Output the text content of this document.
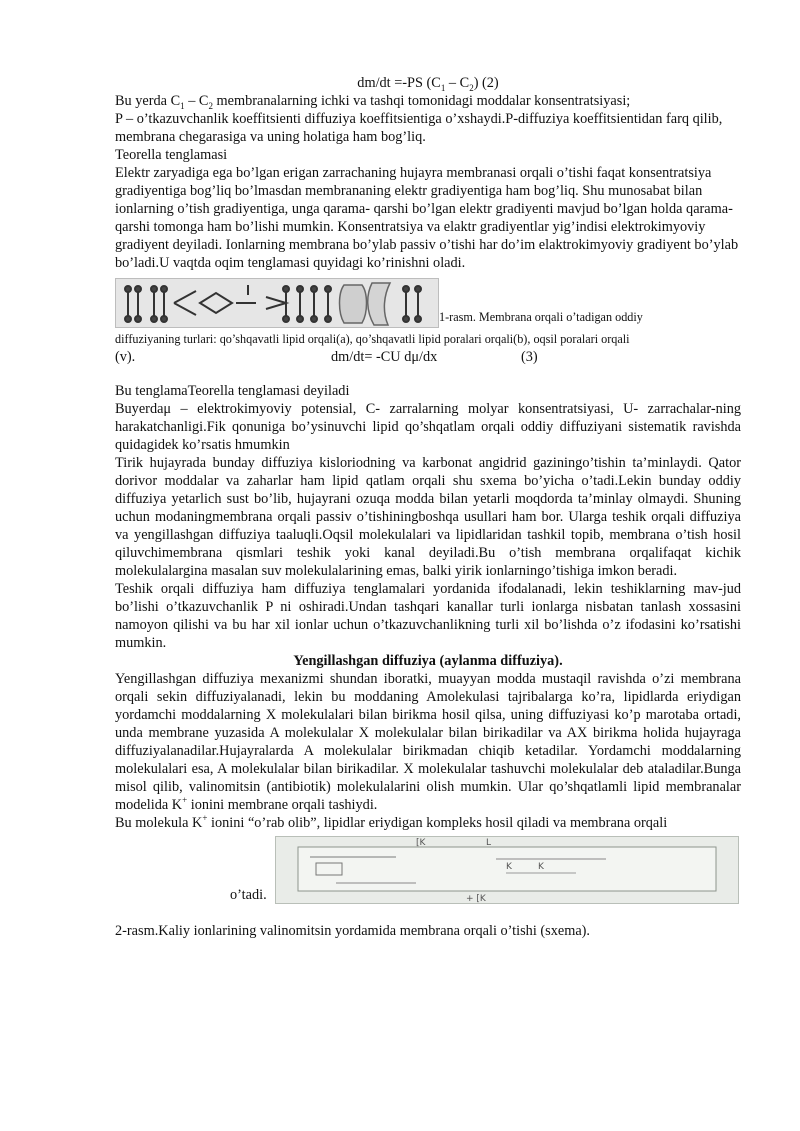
dm/dt =-PS $(C_1 - C_2)$ (2)

Bu yerda $C_1 - C_2$ membranalarning ichki va tashqi tomonidagi moddalar konsentratsiyasi;

P – o’tkazuvchanlik koeffitsienti diffuziya koeffitsientiga o’xshaydi.P-diffuziya koeffitsientidan farq qilib, membrana chegarasiga va uning holatiga ham bog’liq.

Teorella tenglamasi

Elektr zaryadiga ega bo’lgan erigan zarrachaning hujayra membranasi orqali o’tishi faqat konsentratsiya gradiyentiga bog’liq bo’lmasdan membrananing elektr gradiyentiga ham bog’liq. Shu munosabat bilan ionlarning o’tish gradiyentiga, unga qarama- qarshi bo’lgan elektr gradiyenti mavjud bo’lgan holda qarama-qarshi tomonga ham bo’lishi mumkin. Konsentratsiya va elaktr gradiyentlar yig’indisi elektrokimyoviy gradiyent deyiladi. Ionlarning membrana bo’ylab passiv o’tishi har do’im elaktrokimyoviy gradiyent bo’ylab bo’ladi.U vaqtda oqim tenglamasi quyidagi ko’rinishni oladi.

1-rasm. Membrana orqali o’tadigan oddiy

diffuziyaning turlari: qo’shqavatli lipid orqali(a), qo’shqavatli lipid poralari orqali(b), oqsil poralari orqali

(v).	dm/dt= -CU dμ/dx	(3)

Bu tenglamaTeorella tenglamasi deyiladi

Buyerdaμ – elektrokimyoviy potensial, C- zarralarning molyar konsentratsiyasi, U- zarrachalar-ning harakatchanligi.Fik qonuniga bo’ysinuvchi lipid qo’shqatlam orqali oddiy diffuziyani sistematik ravishda quidagidek ko’rsatis hmumkin

Tirik hujayrada bunday diffuziya kisloriodning va karbonat angidrid gaziningo’tishin ta’minlaydi. Qator dorivor moddalar va zaharlar ham lipid qatlam orqali shu sxema bo’yicha o’tadi.Lekin bunday oddiy diffuziya yetarlich sust bo’lib, hujayrani ozuqa modda bilan yetarli moqdorda ta’minlay olmaydi. Shuning uchun modaningmembrana orqali passiv o’tishiningboshqa usullari ham bor. Ularga teshik orqali diffuziya va yengillashgan diffuziya taaluqli.Oqsil molekulalari va lipidlaridan tashkil topib, membrana o’tish hosil qiluvchimembrana qismlari teshik yoki kanal deyiladi.Bu o’tish membrana orqalifaqat kichik molekulalargina masalan suv molekulalarining emas, balki yirik ionlarningo’tishiga imkon beradi.

Teshik orqali diffuziya ham diffuziya tenglamalari yordanida ifodalanadi, lekin teshiklarning mav-jud bo’lishi o’tkazuvchanlik P ni oshiradi.Undan tashqari kanallar turli ionlarga nisbatan tanlash xossasini namoyon qilishi va bu har xil ionlar uchun o’tkazuvchanlikning turli xil bo’lishda o’z ifodasini ko’rsatishi mumkin.

Yengillashgan diffuziya (aylanma diffuziya).

Yengillashgan diffuziya mexanizmi shundan iboratki, muayyan modda mustaqil ravishda o’zi membrana orqali sekin diffuziyalanadi, lekin bu moddaning Amolekulasi tajribalarga ko’ra, lipidlarda eriydigan yordamchi moddalarning X molekulalari bilan birikma hosil qilsa, uning diffuziyasi ko’p marotaba ortadi, unda membrane yuzasida A molekulalar X molekulalar bilan birikadilar va AX birikma holida hujayraga diffuziyalanadilar.Hujayralarda A molekulalar birikmadan chiqib ketadilar. Yordamchi moddalarning molekulalari esa, A molekulalar bilan birikadilar. X molekulalar tashuvchi molekulalar deb ataladilar.Bunga misol qilib, valinomitsin (antibiotik) molekulalarini olish mumkin. Ular qo’shqatlamli lipid membranalar modelida K+ ionini membrane orqali tashiydi.

Bu molekula K+ ionini “o’rab olib”, lipidlar eriydigan kompleks hosil qiladi va membrana orqali

o’tadi.
[K	L
K	K
+ [K

2-rasm.Kaliy ionlarining valinomitsin yordamida membrana orqali o’tishi (sxema).
